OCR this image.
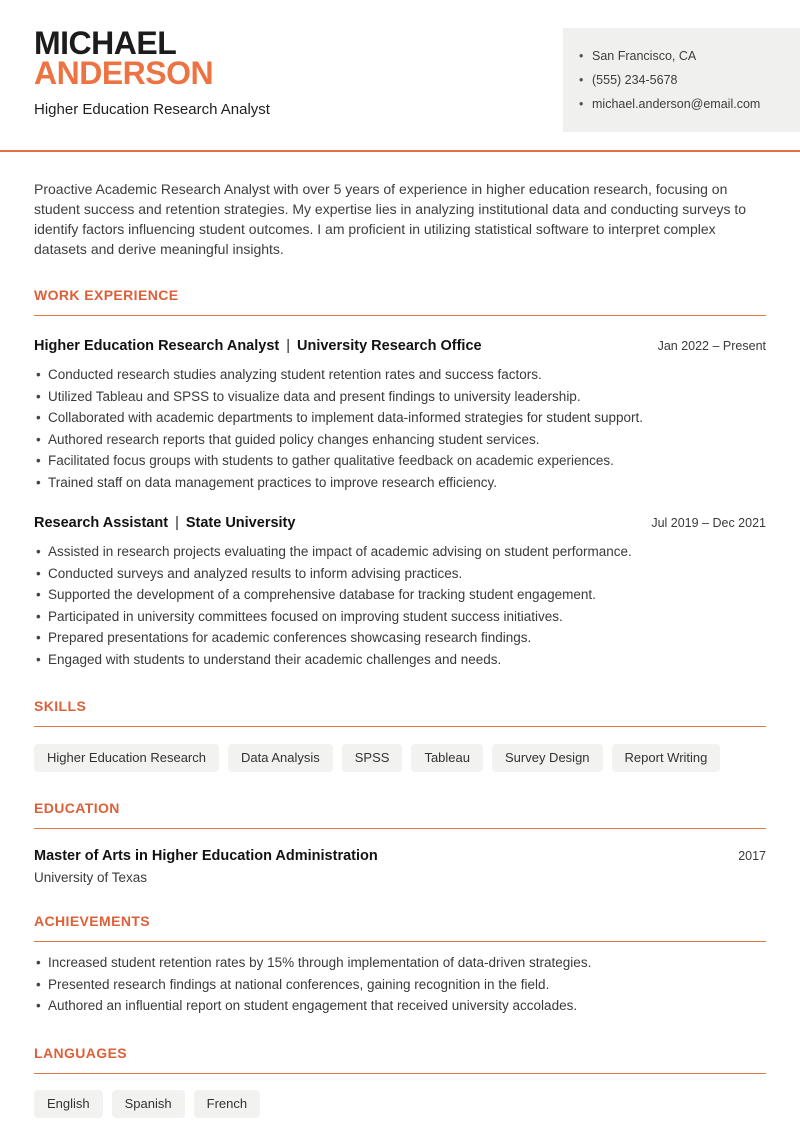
MICHAEL
ANDERSON
Higher Education Research Analyst
• San Francisco, CA
• (555) 234-5678
• michael.anderson@email.com

Proactive Academic Research Analyst with over 5 years of experience in higher education research, focusing on student success and retention strategies. My expertise lies in analyzing institutional data and conducting surveys to identify factors influencing student outcomes. I am proficient in utilizing statistical software to interpret complex datasets and derive meaningful insights.

WORK EXPERIENCE
Higher Education Research Analyst | University Research Office	Jan 2022 – Present
• Conducted research studies analyzing student retention rates and success factors.
• Utilized Tableau and SPSS to visualize data and present findings to university leadership.
• Collaborated with academic departments to implement data-informed strategies for student support.
• Authored research reports that guided policy changes enhancing student services.
• Facilitated focus groups with students to gather qualitative feedback on academic experiences.
• Trained staff on data management practices to improve research efficiency.
Research Assistant | State University	Jul 2019 – Dec 2021
• Assisted in research projects evaluating the impact of academic advising on student performance.
• Conducted surveys and analyzed results to inform advising practices.
• Supported the development of a comprehensive database for tracking student engagement.
• Participated in university committees focused on improving student success initiatives.
• Prepared presentations for academic conferences showcasing research findings.
• Engaged with students to understand their academic challenges and needs.
SKILLS
Higher Education Research	Data Analysis	SPSS	Tableau	Survey Design	Report Writing
EDUCATION
Master of Arts in Higher Education Administration	2017
University of Texas
ACHIEVEMENTS
• Increased student retention rates by 15% through implementation of data-driven strategies.
• Presented research findings at national conferences, gaining recognition in the field.
• Authored an influential report on student engagement that received university accolades.
LANGUAGES
English	Spanish	French
